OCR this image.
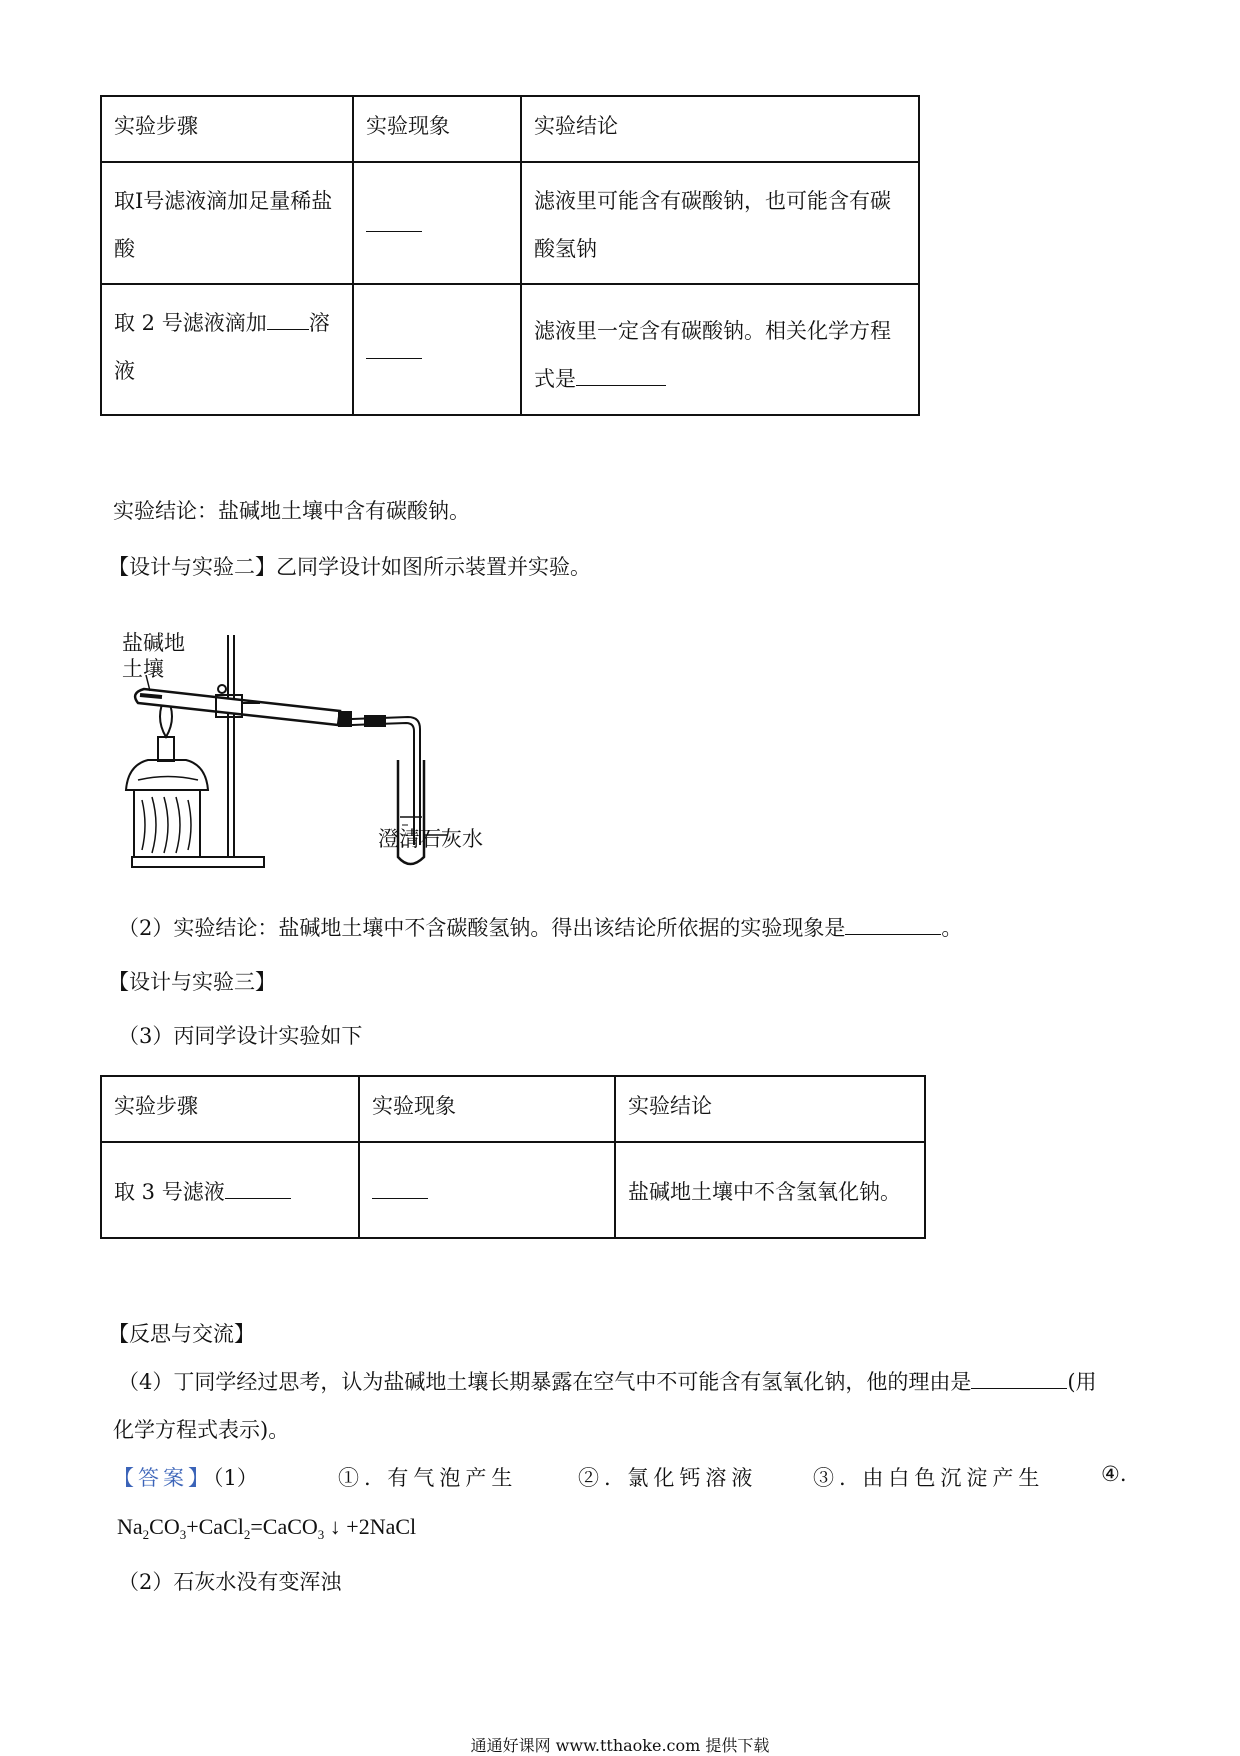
实验步骤	实验现象	实验结论
取Ⅰ号滤液滴加足量稀盐酸		滤液里可能含有碳酸钠，也可能含有碳酸氢钠
取 2 号滤液滴加 溶液		滤液里一定含有碳酸钠。相关化学方程式是
实验结论：盐碱地土壤中含有碳酸钠。
【设计与实验二】乙同学设计如图所示装置并实验。
盐碱地
土壤
澄清石灰水
（2）实验结论：盐碱地土壤中不含碳酸氢钠。得出该结论所依据的实验现象是	。
【设计与实验三】
（3）丙同学设计实验如下
实验步骤	实验现象	实验结论
取 3 号滤液		盐碱地土壤中不含氢氧化钠。
【反思与交流】
（4）丁同学经过思考，认为盐碱地土壤长期暴露在空气中不可能含有氢氧化钠，他的理由是	(用
化学方程式表示)。
【答案】（1）	①. 有气泡产生	②. 氯化钙溶液	③. 由白色沉淀产生	④.
$Na_2CO_3+CaCl_2=CaCO_3$ ↓ +2NaCl
（2）石灰水没有变浑浊
通通好课网 www.tthaoke.com 提供下载
